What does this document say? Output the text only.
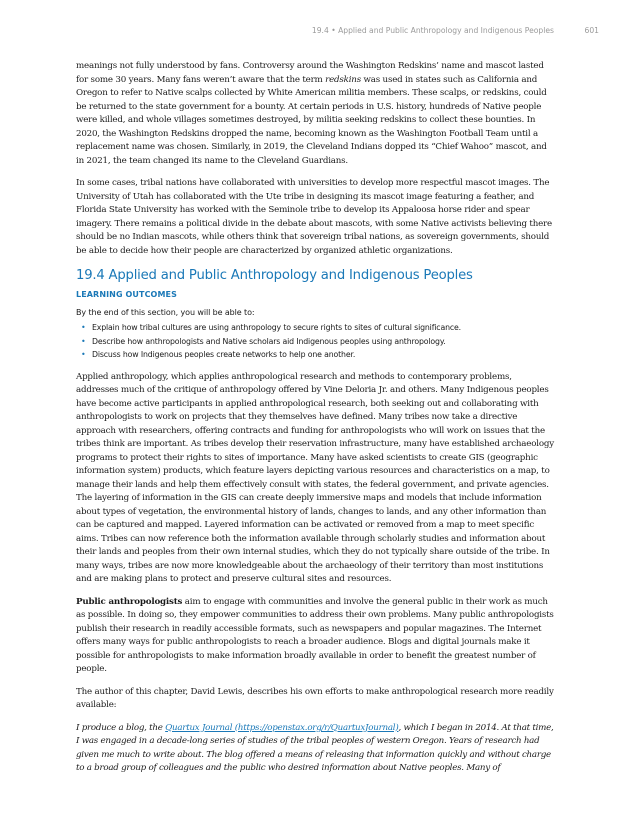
19.4 • Applied and Public Anthropology and Indigenous Peoples	601

meanings not fully understood by fans. Controversy around the Washington Redskins’ name and mascot lasted for some 30 years. Many fans weren’t aware that the term redskins was used in states such as California and Oregon to refer to Native scalps collected by White American militia members. These scalps, or redskins, could be returned to the state government for a bounty. At certain periods in U.S. history, hundreds of Native people were killed, and whole villages sometimes destroyed, by militia seeking redskins to collect these bounties. In 2020, the Washington Redskins dropped the name, becoming known as the Washington Football Team until a replacement name was chosen. Similarly, in 2019, the Cleveland Indians dopped its “Chief Wahoo” mascot, and in 2021, the team changed its name to the Cleveland Guardians.

In some cases, tribal nations have collaborated with universities to develop more respectful mascot images. The University of Utah has collaborated with the Ute tribe in designing its mascot image featuring a feather, and Florida State University has worked with the Seminole tribe to develop its Appaloosa horse rider and spear imagery. There remains a political divide in the debate about mascots, with some Native activists believing there should be no Indian mascots, while others think that sovereign tribal nations, as sovereign governments, should be able to decide how their people are characterized by organized athletic organizations.

19.4 Applied and Public Anthropology and Indigenous Peoples
LEARNING OUTCOMES

By the end of this section, you will be able to:

• Explain how tribal cultures are using anthropology to secure rights to sites of cultural significance.
• Describe how anthropologists and Native scholars aid Indigenous peoples using anthropology.
• Discuss how Indigenous peoples create networks to help one another.

Applied anthropology, which applies anthropological research and methods to contemporary problems, addresses much of the critique of anthropology offered by Vine Deloria Jr. and others. Many Indigenous peoples have become active participants in applied anthropological research, both seeking out and collaborating with anthropologists to work on projects that they themselves have defined. Many tribes now take a directive approach with researchers, offering contracts and funding for anthropologists who will work on issues that the tribes think are important. As tribes develop their reservation infrastructure, many have established archaeology programs to protect their rights to sites of importance. Many have asked scientists to create GIS (geographic information system) products, which feature layers depicting various resources and characteristics on a map, to manage their lands and help them effectively consult with states, the federal government, and private agencies. The layering of information in the GIS can create deeply immersive maps and models that include information about types of vegetation, the environmental history of lands, changes to lands, and any other information than can be captured and mapped. Layered information can be activated or removed from a map to meet specific aims. Tribes can now reference both the information available through scholarly studies and information about their lands and peoples from their own internal studies, which they do not typically share outside of the tribe. In many ways, tribes are now more knowledgeable about the archaeology of their territory than most institutions and are making plans to protect and preserve cultural sites and resources.

Public anthropologists aim to engage with communities and involve the general public in their work as much as possible. In doing so, they empower communities to address their own problems. Many public anthropologists publish their research in readily accessible formats, such as newspapers and popular magazines. The Internet offers many ways for public anthropologists to reach a broader audience. Blogs and digital journals make it possible for anthropologists to make information broadly available in order to benefit the greatest number of people.

The author of this chapter, David Lewis, describes his own efforts to make anthropological research more readily available:

I produce a blog, the Quartux Journal (https://openstax.org/r/QuartuxJournal), which I began in 2014. At that time, I was engaged in a decade-long series of studies of the tribal peoples of western Oregon. Years of research had given me much to write about. The blog offered a means of releasing that information quickly and without charge to a broad group of colleagues and the public who desired information about Native peoples. Many of
